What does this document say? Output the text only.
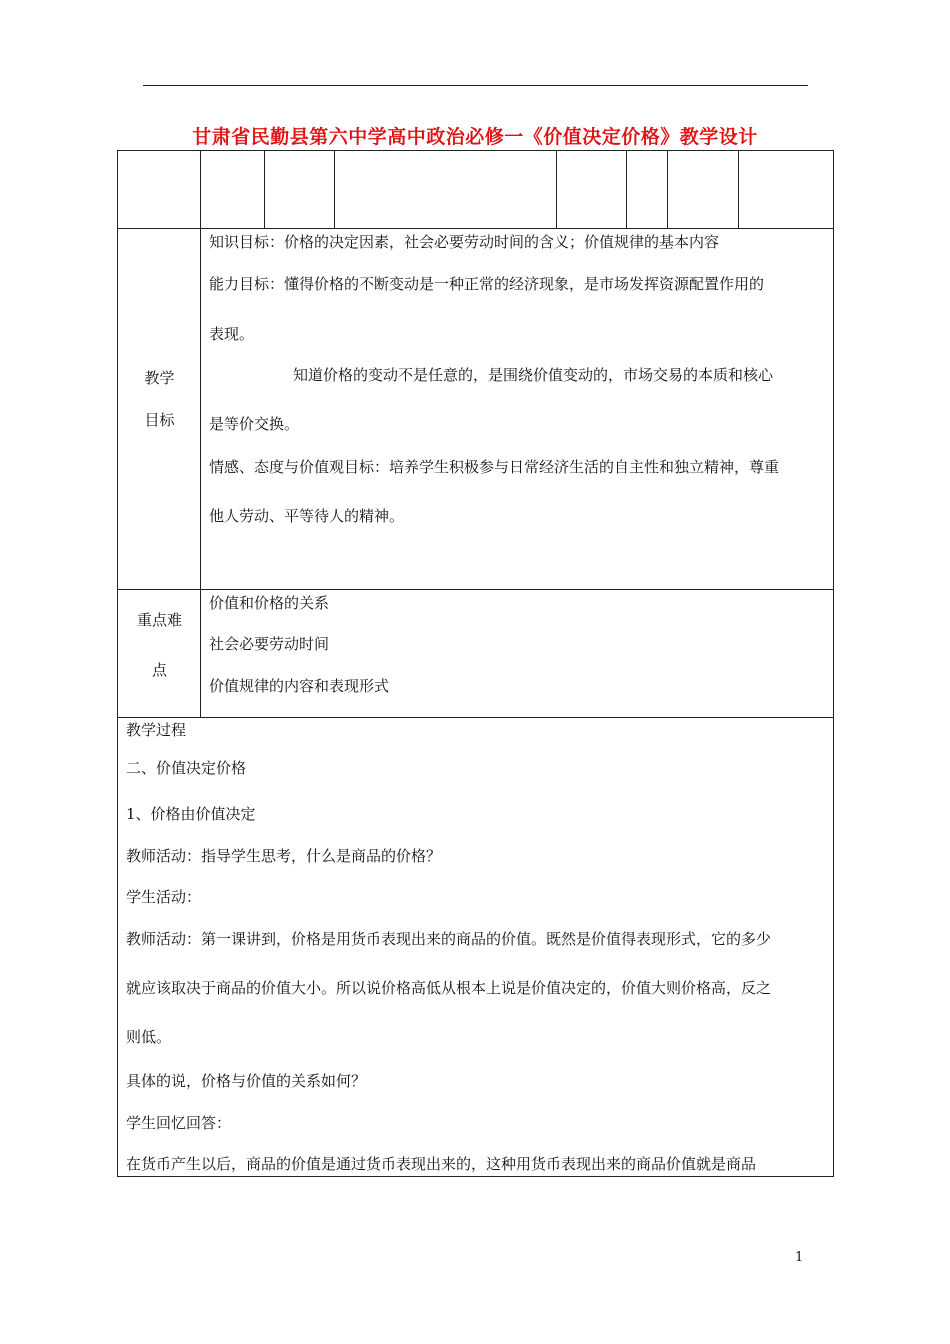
甘肃省民勤县第六中学高中政治必修一《价值决定价格》教学设计
教学
目标
知识目标：价格的决定因素，社会必要劳动时间的含义；价值规律的基本内容
能力目标：懂得价格的不断变动是一种正常的经济现象，是市场发挥资源配置作用的
表现。
知道价格的变动不是任意的，是围绕价值变动的，市场交易的本质和核心
是等价交换。
情感、态度与价值观目标：培养学生积极参与日常经济生活的自主性和独立精神，尊重
他人劳动、平等待人的精神。
重点难
点
价值和价格的关系
社会必要劳动时间
价值规律的内容和表现形式
教学过程
二、价值决定价格
1、价格由价值决定
教师活动：指导学生思考，什么是商品的价格？
学生活动：
教师活动：第一课讲到，价格是用货币表现出来的商品的价值。既然是价值得表现形式，它的多少
就应该取决于商品的价值大小。所以说价格高低从根本上说是价值决定的，价值大则价格高，反之
则低。
具体的说，价格与价值的关系如何？
学生回忆回答：
在货币产生以后，商品的价值是通过货币表现出来的，这种用货币表现出来的商品价值就是商品
1
